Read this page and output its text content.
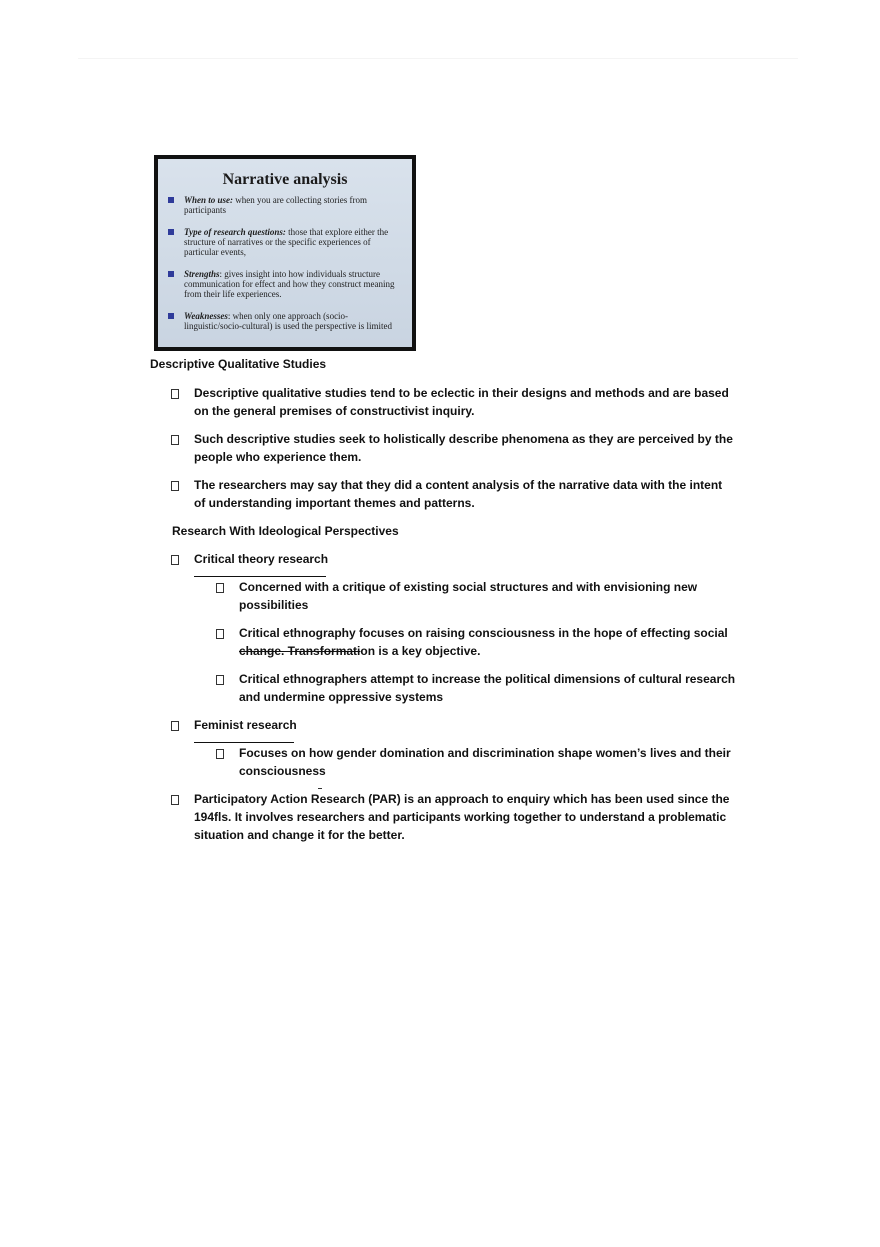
Narrative analysis
When to use: when you are collecting stories from participants
Type of research questions: those that explore either the structure of narratives or the specific experiences of particular events,
Strengths: gives insight into how individuals structure communication for effect and how they construct meaning from their life experiences.
Weaknesses: when only one approach (socio-linguistic/socio-cultural) is used the perspective is limited
Descriptive Qualitative Studies
Descriptive qualitative studies tend to be eclectic in their designs and methods and are based on the general premises of constructivist inquiry.
Such descriptive studies seek to holistically describe phenomena as they are perceived by the people who experience them.
The researchers may say that they did a content analysis of the narrative data with the intent of understanding important themes and patterns.
Research With Ideological Perspectives
Critical theory research
Concerned with a critique of existing social structures and with envisioning new possibilities
Critical ethnography focuses on raising consciousness in the hope of effecting social
change. Transformation is a key objective.
Critical ethnographers attempt to increase the political dimensions of cultural research and undermine oppressive systems
Feminist research
Focuses on how gender domination and discrimination shape women’s lives and their consciousness
Participatory Action Research (PAR) is an approach to enquiry which has been used since the 194fls. It involves researchers and participants working together to understand a problematic situation and change it for the better.
